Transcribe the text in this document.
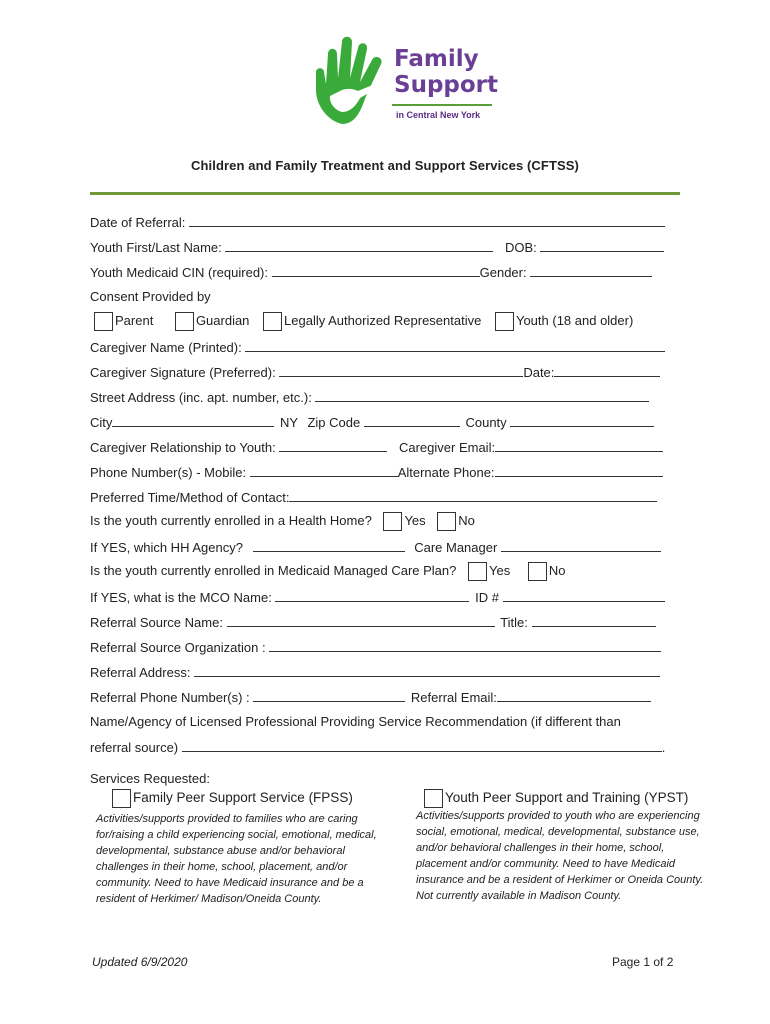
Family
Support
in Central New York
Children and Family Treatment and Support Services (CFTSS)
Date of Referral:
Youth First/Last Name:	DOB:
Youth Medicaid CIN (required):	Gender:
Consent Provided by
Parent	Guardian	Legally Authorized Representative	Youth (18 and older)
Caregiver Name (Printed):
Caregiver Signature (Preferred):	Date:
Street Address (inc. apt. number, etc.):
City	NY Zip Code	County
Caregiver Relationship to Youth:	Caregiver Email:
Phone Number(s) - Mobile:	Alternate Phone:
Preferred Time/Method of Contact:
Is the youth currently enrolled in a Health Home?	Yes	No
If YES, which HH Agency?	Care Manager
Is the youth currently enrolled in Medicaid Managed Care Plan?	Yes	No
If YES, what is the MCO Name:	ID #
Referral Source Name:	Title:
Referral Source Organization :
Referral Address:
Referral Phone Number(s) :	Referral Email:
Name/Agency of Licensed Professional Providing Service Recommendation (if different than
referral source)	.
Services Requested:
Family Peer Support Service (FPSS)
Activities/supports provided to families who are caring for/raising a child experiencing social, emotional, medical, developmental, substance abuse and/or behavioral challenges in their home, school, placement, and/or community. Need to have Medicaid insurance and be a resident of Herkimer/ Madison/Oneida County.
Youth Peer Support and Training (YPST)
Activities/supports provided to youth who are experiencing social, emotional, medical, developmental, substance use, and/or behavioral challenges in their home, school, placement and/or community. Need to have Medicaid insurance and be a resident of Herkimer or Oneida County. Not currently available in Madison County.
Updated 6/9/2020	Page 1 of 2
